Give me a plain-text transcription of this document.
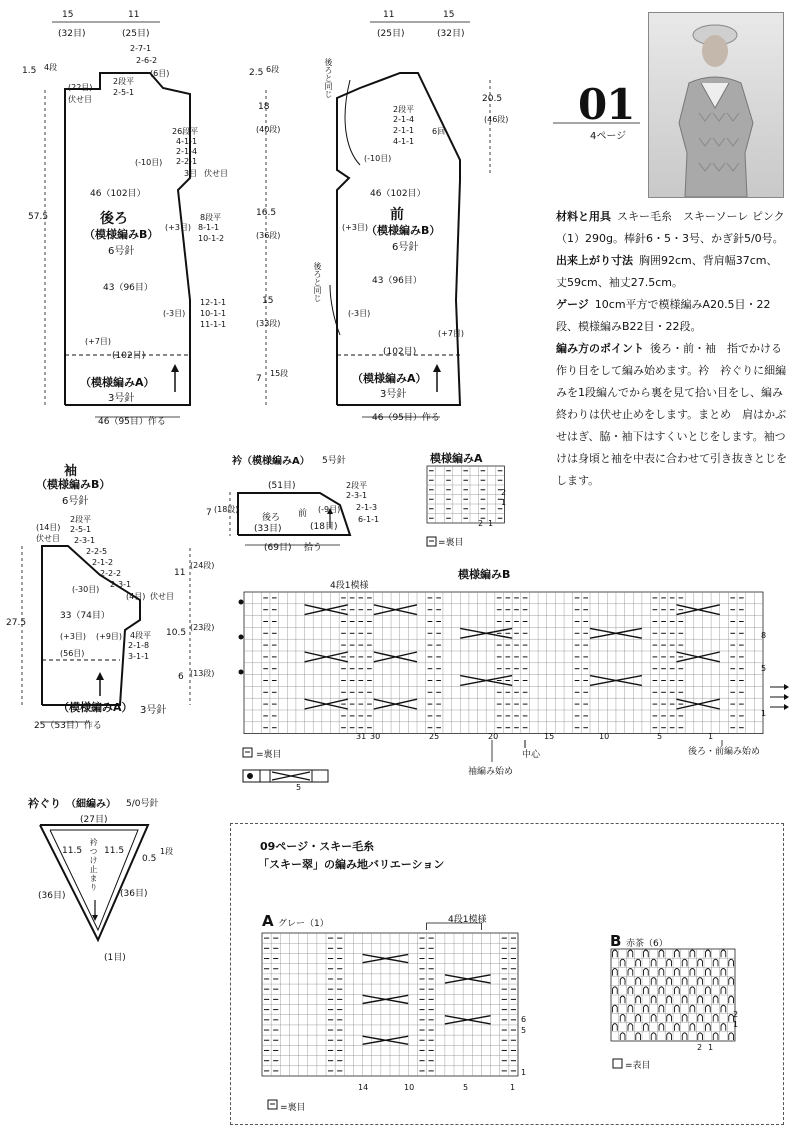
01
4ページ
材料と用具 スキー毛糸　スキーソーレ ピンク（1）290g。棒針6・5・3号、かぎ針5/0号。
出来上がり寸法 胸囲92cm、背肩幅37cm、丈59cm、袖丈27.5cm。
ゲージ 10cm平方で模様編みA20.5目・22段、模様編みB22目・22段。
編み方のポイント 後ろ・前・袖　指でかける作り目をして編み始めます。衿　衿ぐりに細編みを1段編んでから裏を見て拾い目をし、編み終わりは伏せ止めをします。まとめ　肩はかぶせはぎ、脇・袖下はすくいとじをします。袖つけは身頃と袖を中表に合わせて引き抜きとじをします。
15
(32目)
11
(25目)
2-7-1
2-6-2
(6目)
2段平
2-5-1
(22目)
伏せ目
26段平
4-1-1
2-1-4
2-2-1
3目 伏せ目
8段平
8-1-1
10-1-2
12-1-1
10-1-1
11-1-1
1.5 4段
57.5
(-10目)
46（102目）
(+3目)
43（96目）
(-3目)
(+7目)
(102目)
後ろ
（模様編みB）
6号針
（模様編みA）
3号針
46（95目）作る
11
(25目)
15
(32目)
後ろと同じ
後ろと同じ
2段平
2-1-4
2-1-1
4-1-1
6回
(-10目)
46（102目）
(+3目)
43（96目）
(-3目)
(+7目)
(102目)
前
（模様編みB）
6号針
（模様編みA）
3号針
46（95目）作る
2.5 6段
18
(40段)
16.5
(36段)
15
(33段)
7
15段
20.5
(46段)
袖
（模様編みB）
6号針
(14目)
伏せ目
2段平
2-5-1
2-3-1
2-2-5
2-1-2
2-2-2
2-3-1
(4目) 伏せ目
4段平
2-1-8
3-1-1
(-30目)
33（74目）
(+3目) (+9目)
(56目)
（模様編みA） 3号針
25（53目）作る
11
(24段)
10.5
(23段)
6 (13段)
27.5
衿（模様編みA） 5号針
(51目)
(69目) 拾う
後ろ
(33目)
前
(18目)
(-9目)
2段平
2-3-1
2-1-3
6-1-1
7 (18段)
衿ぐり （細編み） 5/0号針
(27目)
11.5 11.5
(36目)	(36目)
0.5
1段
衿つけ止まり
(1目)
模様編みA
=裏目
2
1
2 1
模様編みB
4段1模様
=裏目	中心
袖編み始め
後ろ・前編み始め
5
31 30	25	20	15	10	5	1
8
5
1
09ページ・スキー毛糸
「スキー翠」の編み地バリエーション
A グレー（1）	4段1模様
14	10	5	1
6
5
1
=裏目
B 赤茶（6）
2
1
2 1
=表目
